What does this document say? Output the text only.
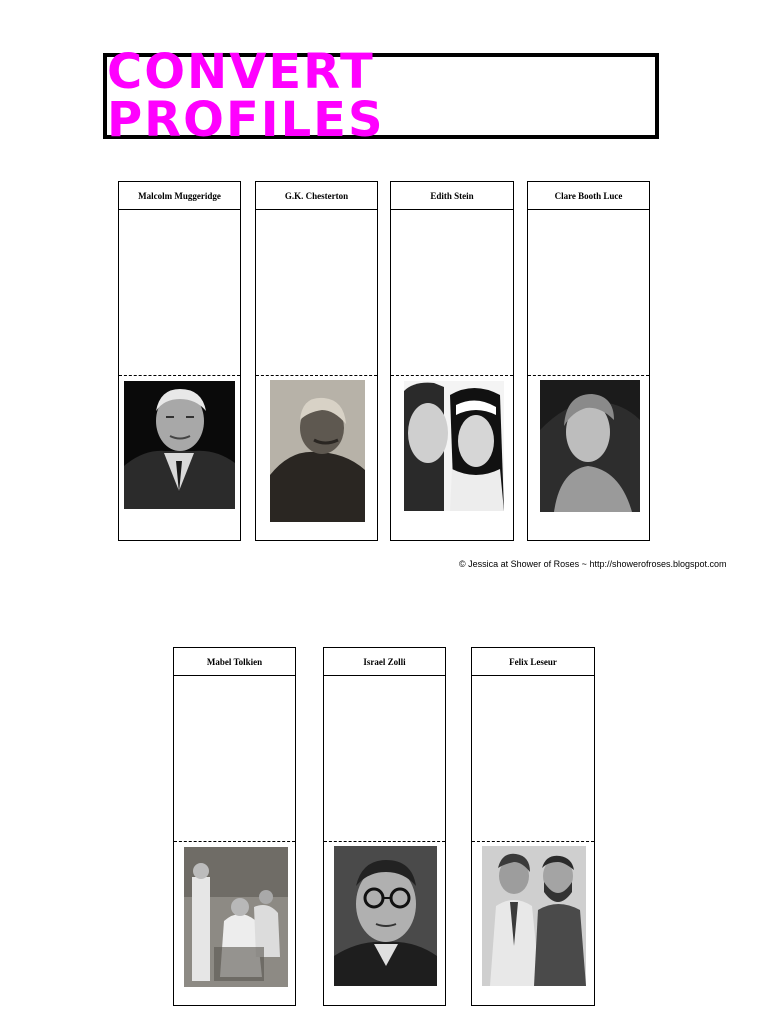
CONVERT PROFILES
Malcolm Muggeridge	G.K. Chesterton	Edith Stein	Clare Booth Luce
© Jessica at Shower of Roses ~ http://showerofroses.blogspot.com
Mabel Tolkien	Israel Zolli	Felix Leseur
